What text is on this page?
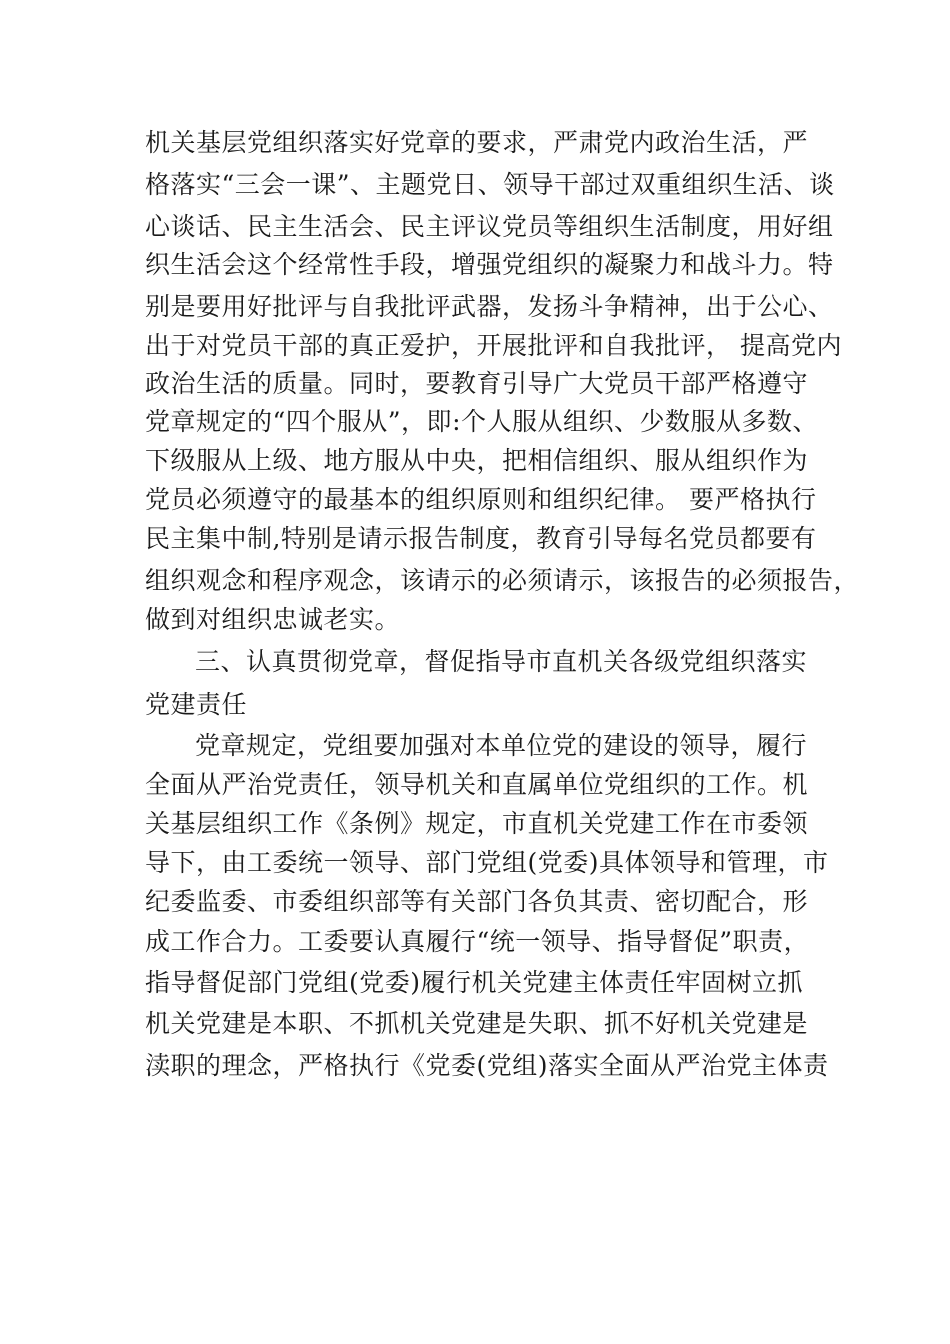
机关基层党组织落实好党章的要求，严肃党内政治生活，严
格落实“三会一课”、主题党日、领导干部过双重组织生活、谈
心谈话、民主生活会、民主评议党员等组织生活制度，用好组
织生活会这个经常性手段，增强党组织的凝聚力和战斗力。特
别是要用好批评与自我批评武器，发扬斗争精神，出于公心、
出于对党员干部的真正爱护，开展批评和自我批评， 提高党内
政治生活的质量。同时，要教育引导广大党员干部严格遵守
党章规定的“四个服从”，即:个人服从组织、少数服从多数、
下级服从上级、地方服从中央，把相信组织、服从组织作为
党员必须遵守的最基本的组织原则和组织纪律。 要严格执行
民主集中制,特别是请示报告制度，教育引导每名党员都要有
组织观念和程序观念，该请示的必须请示，该报告的必须报告，
做到对组织忠诚老实。
三、认真贯彻党章，督促指导市直机关各级党组织落实
党建责任
党章规定，党组要加强对本单位党的建设的领导，履行
全面从严治党责任，领导机关和直属单位党组织的工作。机
关基层组织工作《条例》规定，市直机关党建工作在市委领
导下，由工委统一领导、部门党组(党委)具体领导和管理，市
纪委监委、市委组织部等有关部门各负其责、密切配合，形
成工作合力。工委要认真履行“统一领导、指导督促”职责，
指导督促部门党组(党委)履行机关党建主体责任牢固树立抓
机关党建是本职、不抓机关党建是失职、抓不好机关党建是
渎职的理念，严格执行《党委(党组)落实全面从严治党主体责
